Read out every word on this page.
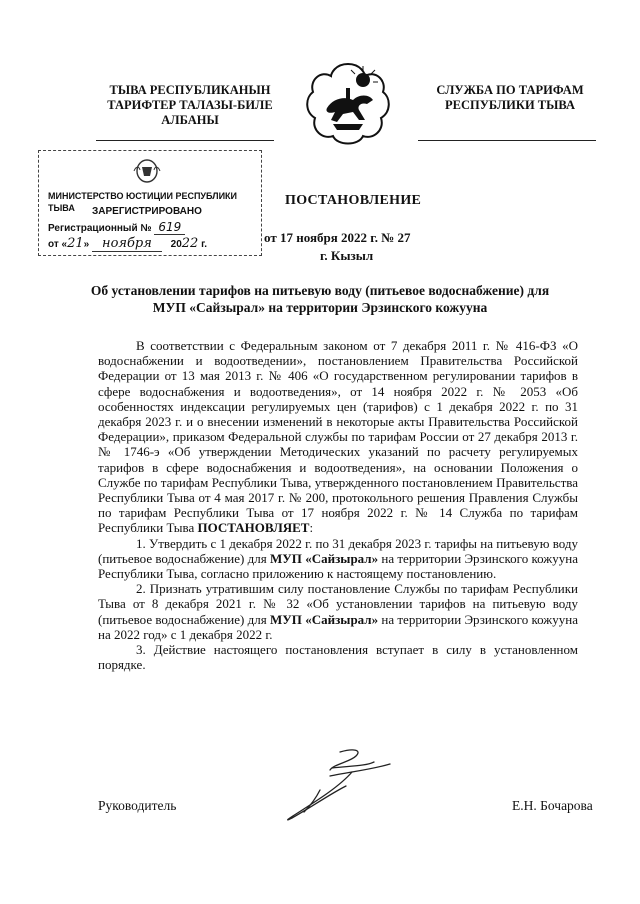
ТЫВА РЕСПУБЛИКАНЫН
ТАРИФТЕР ТАЛАЗЫ-БИЛЕ
АЛБАНЫ
СЛУЖБА ПО ТАРИФАМ
РЕСПУБЛИКИ ТЫВА
МИНИСТЕРСТВО ЮСТИЦИИ РЕСПУБЛИКИ ТЫВА	ЗАРЕГИСТРИРОВАНО
Регистрационный № 619
от «21» ноября 2022 г.
ПОСТАНОВЛЕНИЕ
от 17 ноября 2022 г. № 27
г. Кызыл
Об установлении тарифов на питьевую воду (питьевое водоснабжение) для МУП «Сайзырал» на территории Эрзинского кожууна

В соответствии с Федеральным законом от 7 декабря 2011 г. № 416-ФЗ «О водоснабжении и водоотведении», постановлением Правительства Российской Федерации от 13 мая 2013 г. № 406 «О государственном регулировании тарифов в сфере водоснабжения и водоотведения», от 14 ноября 2022 г. № 2053 «Об особенностях индексации регулируемых цен (тарифов) с 1 декабря 2022 г. по 31 декабря 2023 г. и о внесении изменений в некоторые акты Правительства Российской Федерации», приказом Федеральной службы по тарифам России от 27 декабря 2013 г. № 1746-э «Об утверждении Методических указаний по расчету регулируемых тарифов в сфере водоснабжения и водоотведения», на основании Положения о Службе по тарифам Республики Тыва, утвержденного постановлением Правительства Республики Тыва от 4 мая 2017 г. № 200, протокольного решения Правления Службы по тарифам Республики Тыва от 17 ноября 2022 г. № 14 Служба по тарифам Республики Тыва ПОСТАНОВЛЯЕТ:

1. Утвердить с 1 декабря 2022 г. по 31 декабря 2023 г. тарифы на питьевую воду (питьевое водоснабжение) для МУП «Сайзырал» на территории Эрзинского кожууна Республики Тыва, согласно приложению к настоящему постановлению.

2. Признать утратившим силу постановление Службы по тарифам Республики Тыва от 8 декабря 2021 г. № 32 «Об установлении тарифов на питьевую воду (питьевое водоснабжение) для МУП «Сайзырал» на территории Эрзинского кожууна на 2022 год» с 1 декабря 2022 г.

3. Действие настоящего постановления вступает в силу в установленном порядке.

Руководитель	Е.Н. Бочарова
